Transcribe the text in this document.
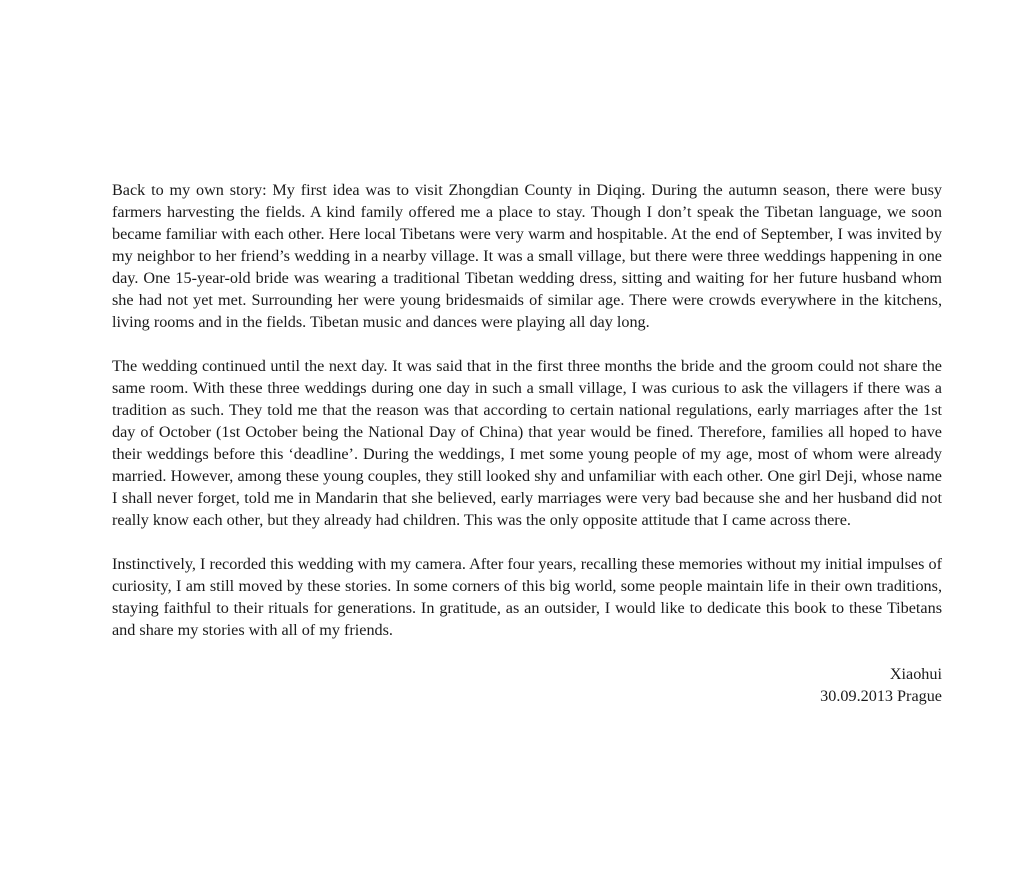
Back to my own story: My first idea was to visit Zhongdian County in Diqing. During the autumn season, there were busy farmers harvesting the fields. A kind family offered me a place to stay. Though I don’t speak the Tibetan language, we soon became familiar with each other. Here local Tibetans were very warm and hospitable. At the end of September, I was invited by my neighbor to her friend’s wedding in a nearby village. It was a small village, but there were three weddings happening in one day. One 15-year-old bride was wearing a traditional Tibetan wedding dress, sitting and waiting for her future husband whom she had not yet met. Surrounding her were young bridesmaids of similar age. There were crowds everywhere in the kitchens, living rooms and in the fields. Tibetan music and dances were playing all day long.

The wedding continued until the next day. It was said that in the first three months the bride and the groom could not share the same room. With these three weddings during one day in such a small village, I was curious to ask the villagers if there was a tradition as such. They told me that the reason was that according to certain national regulations, early marriages after the 1st day of October (1st October being the National Day of China) that year would be fined. Therefore, families all hoped to have their weddings before this ‘deadline’. During the weddings, I met some young people of my age, most of whom were already married. However, among these young couples, they still looked shy and unfamiliar with each other. One girl Deji, whose name I shall never forget, told me in Mandarin that she believed, early marriages were very bad because she and her husband did not really know each other, but they already had children. This was the only opposite attitude that I came across there.

Instinctively, I recorded this wedding with my camera. After four years, recalling these memories without my initial impulses of curiosity, I am still moved by these stories. In some corners of this big world, some people maintain life in their own traditions, staying faithful to their rituals for generations. In gratitude, as an outsider, I would like to dedicate this book to these Tibetans and share my stories with all of my friends.

Xiaohui
30.09.2013 Prague
